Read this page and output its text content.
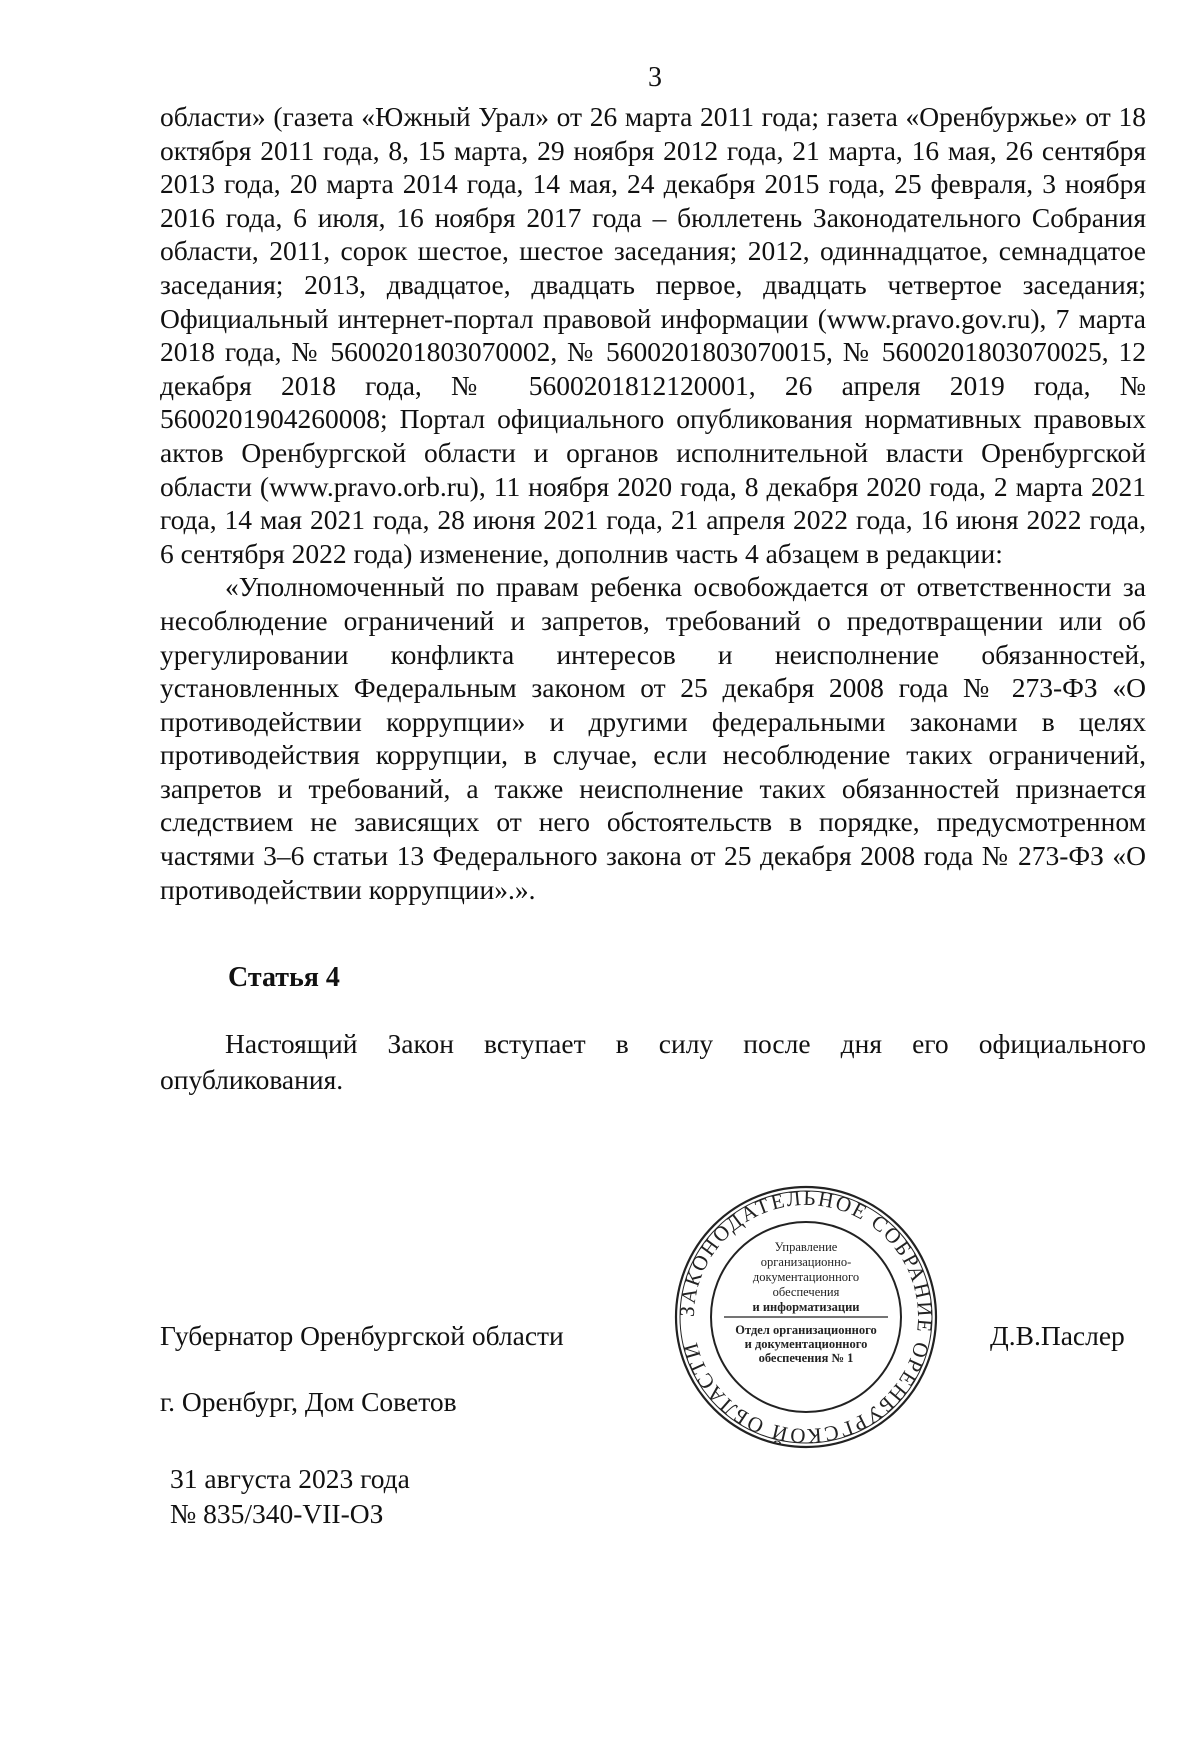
3

области» (газета «Южный Урал» от 26 марта 2011 года; газета «Оренбуржье» от 18 октября 2011 года, 8, 15 марта, 29 ноября 2012 года, 21 марта, 16 мая, 26 сентября 2013 года, 20 марта 2014 года, 14 мая, 24 декабря 2015 года, 25 февраля, 3 ноября 2016 года, 6 июля, 16 ноября 2017 года – бюллетень Законодательного Собрания области, 2011, сорок шестое, шестое заседания; 2012, одиннадцатое, семнадцатое заседания; 2013, двадцатое, двадцать первое, двадцать четвертое заседания; Официальный интернет-портал правовой информации (www.pravo.gov.ru), 7 марта 2018 года, № 5600201803070002, № 5600201803070015, № 5600201803070025, 12 декабря 2018 года, № 5600201812120001, 26 апреля 2019 года, № 5600201904260008; Портал официального опубликования нормативных правовых актов Оренбургской области и органов исполнительной власти Оренбургской области (www.pravo.orb.ru), 11 ноября 2020 года, 8 декабря 2020 года, 2 марта 2021 года, 14 мая 2021 года, 28 июня 2021 года, 21 апреля 2022 года, 16 июня 2022 года, 6 сентября 2022 года) изменение, дополнив часть 4 абзацем в редакции:

«Уполномоченный по правам ребенка освобождается от ответственности за несоблюдение ограничений и запретов, требований о предотвращении или об урегулировании конфликта интересов и неисполнение обязанностей, установленных Федеральным законом от 25 декабря 2008 года № 273-ФЗ «О противодействии коррупции» и другими федеральными законами в целях противодействия коррупции, в случае, если несоблюдение таких ограничений, запретов и требований, а также неисполнение таких обязанностей признается следствием не зависящих от него обстоятельств в порядке, предусмотренном частями 3–6 статьи 13 Федерального закона от 25 декабря 2008 года № 273-ФЗ «О противодействии коррупции».».

Статья 4

Настоящий Закон вступает в силу после дня его официального опубликования.

Губернатор Оренбургской области	Д.В.Паслер
г. Оренбург, Дом Советов
31 августа 2023 года
№ 835/340-VII-ОЗ
ЗАКОНОДАТЕЛЬНОЕ СОБРАНИЕ ОРЕНБУРГСКОЙ ОБЛАСТИ
Управление
организационно-
документационного
обеспечения
и информатизации
Отдел организационного
и документационного
обеспечения № 1
